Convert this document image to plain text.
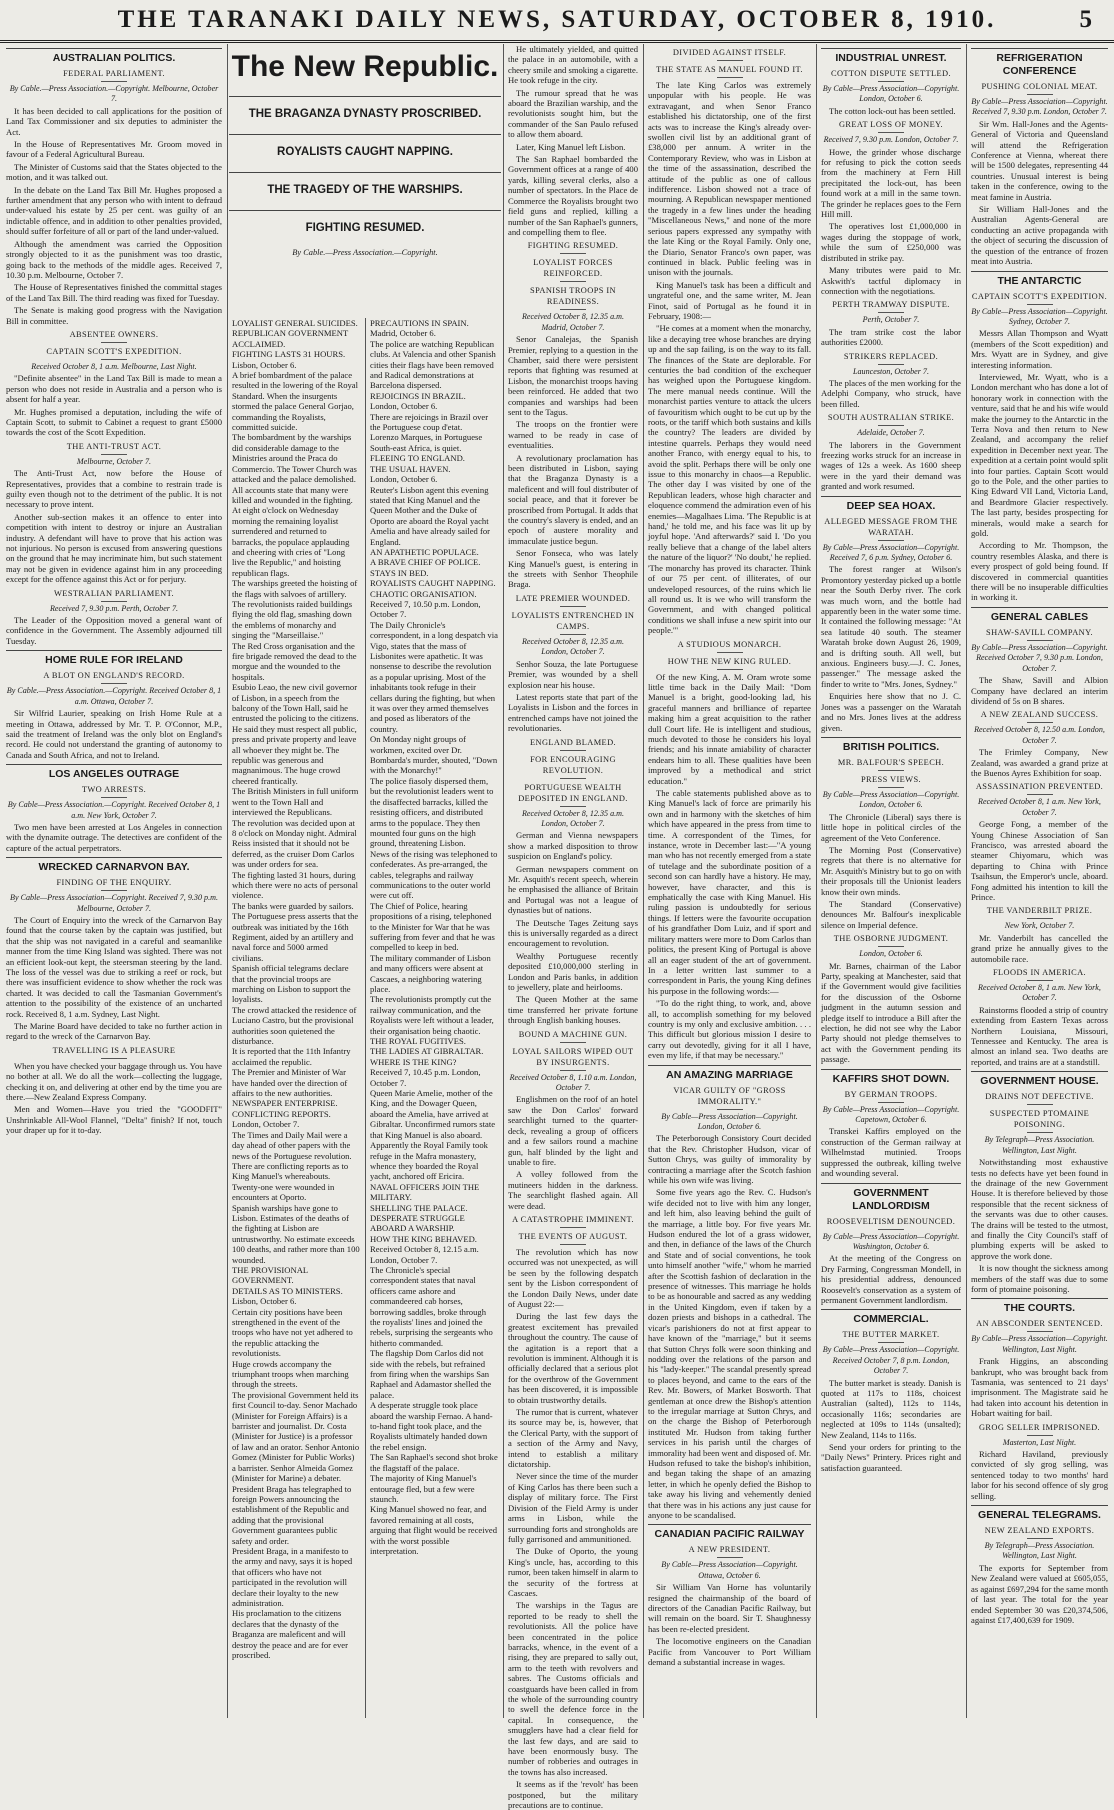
THE TARANAKI DAILY NEWS, SATURDAY, OCTOBER 8, 1910.	5
AUSTRALIAN POLITICS.
FEDERAL PARLIAMENT.
By Cable.—Press Association.—Copyright. Melbourne, October 7.
It has been decided to call applications for the position of Land Tax Commissioner and six deputies to administer the Act.
In the House of Representatives Mr. Groom moved in favour of a Federal Agricultural Bureau.
The Minister of Customs said that the States objected to the motion, and it was talked out.
In the debate on the Land Tax Bill Mr. Hughes proposed a further amendment that any person who with intent to defraud under-valued his estate by 25 per cent. was guilty of an indictable offence, and in addition to other penalties provided, should suffer forfeiture of all or part of the land under-valued.
Although the amendment was carried the Opposition strongly objected to it as the punishment was too drastic, going back to the methods of the middle ages. Received 7, 10.30 p.m. Melbourne, October 7.
The House of Representatives finished the committal stages of the Land Tax Bill. The third reading was fixed for Tuesday.
The Senate is making good progress with the Navigation Bill in committee.
ABSENTEE OWNERS.
CAPTAIN SCOTT'S EXPEDITION.
Received October 8, 1 a.m. Melbourne, Last Night.
"Definite absentee" in the Land Tax Bill is made to mean a person who does not reside in Australia and a person who is absent for half a year.
Mr. Hughes promised a deputation, including the wife of Captain Scott, to submit to Cabinet a request to grant £5000 towards the cost of the Scott Expedition.
THE ANTI-TRUST ACT.
Melbourne, October 7.
The Anti-Trust Act, now before the House of Representatives, provides that a combine to restrain trade is guilty even though not to the detriment of the public. It is not necessary to prove intent.
Another sub-section makes it an offence to enter into competition with intent to destroy or injure an Australian industry. A defendant will have to prove that his action was not injurious. No person is excused from answering questions on the ground that he may incriminate him, but such statement may not be given in evidence against him in any proceeding except for the offence against this Act or for perjury.
WESTRALIAN PARLIAMENT.
Received 7, 9.30 p.m. Perth, October 7.
The Leader of the Opposition moved a general want of confidence in the Government. The Assembly adjourned till Tuesday.
HOME RULE FOR IRELAND
A BLOT ON ENGLAND'S RECORD.
By Cable.—Press Association.—Copyright. Received October 8, 1 a.m. Ottawa, October 7.
Sir Wilfrid Laurier, speaking on Irish Home Rule at a meeting in Ottawa, addressed by Mr. T. P. O'Connor, M.P., said the treatment of Ireland was the only blot on England's record. He could not understand the granting of autonomy to Canada and South Africa, and not to Ireland.
LOS ANGELES OUTRAGE
TWO ARRESTS.
By Cable—Press Association.—Copyright. Received October 8, 1 a.m. New York, October 7.
Two men have been arrested at Los Angeles in connection with the dynamite outrage. The detectives are confident of the capture of the actual perpetrators.
WRECKED CARNARVON BAY.
FINDING OF THE ENQUIRY.
By Cable—Press Association—Copyright. Received 7, 9.30 p.m. Melbourne, October 7.
The Court of Enquiry into the wreck of the Carnarvon Bay found that the course taken by the captain was justified, but that the ship was not navigated in a careful and seamanlike manner from the time King Island was sighted. There was not an efficient look-out kept, the steersman steering by the land. The loss of the vessel was due to striking a reef or rock, but there was insufficient evidence to show whether the rock was charted. It was decided to call the Tasmanian Government's attention to the possibility of the existence of an uncharted rock. Received 8, 1 a.m. Sydney, Last Night.
The Marine Board have decided to take no further action in regard to the wreck of the Carnarvon Bay.
TRAVELLING IS A PLEASURE
When you have checked your baggage through us. You have no bother at all. We do all the work—collecting the luggage, checking it on, and delivering at other end by the time you are there.—New Zealand Express Company.
Men and Women—Have you tried the "GOODFIT" Unshrinkable All-Wool Flannel, "Delta" finish? If not, touch your draper up for it to-day.
The New Republic.
THE BRAGANZA DYNASTY PROSCRIBED.
ROYALISTS CAUGHT NAPPING.
THE TRAGEDY OF THE WARSHIPS.
FIGHTING RESUMED.
By Cable.—Press Association.—Copyright.
LOYALIST GENERAL SUICIDES.
REPUBLICAN GOVERNMENT ACCLAIMED.
FIGHTING LASTS 31 HOURS.
Lisbon, October 6.
A brief bombardment of the palace resulted in the lowering of the Royal Standard. When the insurgents stormed the palace General Gorjao, commanding the Royalists, committed suicide.
The bombardment by the warships did considerable damage to the Ministries around the Praca do Commercio. The Tower Church was attacked and the palace demolished.
All accounts state that many were killed and wounded in the fighting.
At eight o'clock on Wednesday morning the remaining loyalist surrendered and returned to barracks, the populace applauding and cheering with cries of "Long live the Republic," and hoisting republican flags.
The warships greeted the hoisting of the flags with salvoes of artillery.
The revolutionists raided buildings flying the old flag, smashing down the emblems of monarchy and singing the "Marseillaise."
The Red Cross organisation and the fire brigade removed the dead to the morgue and the wounded to the hospitals.
Esubio Leao, the new civil governor of Lisbon, in a speech from the balcony of the Town Hall, said he entrusted the policing to the citizens. He said they must respect all public, press and private property and leave all whoever they might be. The republic was generous and magnanimous. The huge crowd cheered frantically.
The British Ministers in full uniform went to the Town Hall and interviewed the Republicans.
The revolution was decided upon at 8 o'clock on Monday night. Admiral Reiss insisted that it should not be deferred, as the cruiser Dom Carlos was under orders for sea.
The fighting lasted 31 hours, during which there were no acts of personal violence.
The banks were guarded by sailors.
The Portuguese press asserts that the outbreak was initiated by the 16th Regiment, aided by an artillery and naval force and 5000 armed civilians.
Spanish official telegrams declare that the provincial troops are marching on Lisbon to support the loyalists.
The crowd attacked the residence of Luciano Castro, but the provisional authorities soon quietened the disturbance.
It is reported that the 11th Infantry acclaimed the republic.
The Premier and Minister of War have handed over the direction of affairs to the new authorities.
NEWSPAPER ENTERPRISE.
CONFLICTING REPORTS.
London, October 7.
The Times and Daily Mail were a day ahead of other papers with the news of the Portuguese revolution.
There are conflicting reports as to King Manuel's whereabouts.
Twenty-one were wounded in encounters at Oporto.
Spanish warships have gone to Lisbon. Estimates of the deaths of the fighting at Lisbon are untrustworthy. No estimate exceeds 100 deaths, and rather more than 100 wounded.
THE PROVISIONAL GOVERNMENT.
DETAILS AS TO MINISTERS.
Lisbon, October 6.
Certain city positions have been strengthened in the event of the troops who have not yet adhered to the republic attacking the revolutionists.
Huge crowds accompany the triumphant troops when marching through the streets.
The provisional Government held its first Council to-day. Senor Machado (Minister for Foreign Affairs) is a barrister and journalist. Dr. Costa (Minister for Justice) is a professor of law and an orator. Senhor Antonio Gomez (Minister for Public Works) a barrister. Senhor Almeida Gomez (Minister for Marine) a debater.
President Braga has telegraphed to foreign Powers announcing the establishment of the Republic and adding that the provisional Government guarantees public safety and order.
President Braga, in a manifesto to the army and navy, says it is hoped that officers who have not participated in the revolution will declare their loyalty to the new administration.
His proclamation to the citizens declares that the dynasty of the Braganza are maleficent and will destroy the peace and are for ever proscribed.
PRECAUTIONS IN SPAIN.
Madrid, October 6.
The police are watching Republican clubs. At Valencia and other Spanish cities their flags have been removed and Radical demonstrations at Barcelona dispersed.
REJOICINGS IN BRAZIL.
London, October 6.
There are rejoicings in Brazil over the Portuguese coup d'etat.
Lorenzo Marques, in Portuguese South-east Africa, is quiet.
FLEEING TO ENGLAND.
THE USUAL HAVEN.
London, October 6.
Reuter's Lisbon agent this evening stated that King Manuel and the Queen Mother and the Duke of Oporto are aboard the Royal yacht Amelia and have already sailed for England.
AN APATHETIC POPULACE.
A BRAVE CHIEF OF POLICE.
STAYS IN BED.
ROYALISTS CAUGHT NAPPING.
CHAOTIC ORGANISATION.
Received 7, 10.50 p.m. London, October 7.
The Daily Chronicle's correspondent, in a long despatch via Vigo, states that the mass of Lisbonites were apathetic. It was nonsense to describe the revolution as a popular uprising. Most of the inhabitants took refuge in their cellars during the fighting, but when it was over they armed themselves and posed as liberators of the country.
On Monday night groups of workmen, excited over Dr. Bombarda's murder, shouted, "Down with the Monarchy!"
The police fiasoly dispersed them, but the revolutionist leaders went to the disaffected barracks, killed the resisting officers, and distributed arms to the populace. They then mounted four guns on the high ground, threatening Lisbon.
News of the rising was telephoned to confederates. As pre-arranged, the cables, telegraphs and railway communications to the outer world were cut off.
The Chief of Police, hearing propositions of a rising, telephoned to the Minister for War that he was suffering from fever and that he was compelled to keep in bed.
The military commander of Lisbon and many officers were absent at Cascaes, a neighboring watering place.
The revolutionists promptly cut the railway communication, and the Royalists were left without a leader, their organisation being chaotic.
THE ROYAL FUGITIVES.
THE LADIES AT GIBRALTAR.
WHERE IS THE KING?
Received 7, 10.45 p.m. London, October 7.
Queen Marie Amelie, mother of the King, and the Dowager Queen, aboard the Amelia, have arrived at Gibraltar. Unconfirmed rumors state that King Manuel is also aboard.
Apparently the Royal Family took refuge in the Mafra monastery, whence they boarded the Royal yacht, anchored off Ericira.
NAVAL OFFICERS JOIN THE MILITARY.
SHELLING THE PALACE.
DESPERATE STRUGGLE ABOARD A WARSHIP.
HOW THE KING BEHAVED.
Received October 8, 12.15 a.m. London, October 7.
The Chronicle's special correspondent states that naval officers came ashore and commandeered cab horses, borrowing saddles, broke through the royalists' lines and joined the rebels, surprising the sergeants who hitherto commanded.
The flagship Dom Carlos did not side with the rebels, but refrained from firing when the warships San Raphael and Adamastor shelled the palace.
A desperate struggle took place aboard the warship Fernao. A hand-to-hand fight took place, and the Royalists ultimately handed down the rebel ensign.
The San Raphael's second shot broke the flagstaff of the palace.
The majority of King Manuel's entourage fled, but a few were staunch.
King Manuel showed no fear, and favored remaining at all costs, arguing that flight would be received with the worst possible interpretation.
He ultimately yielded, and quitted the palace in an automobile, with a cheery smile and smoking a cigarette. He took refuge in the city.
The rumour spread that he was aboard the Brazilian warship, and the revolutionists sought him, but the commander of the San Paulo refused to allow them aboard.
Later, King Manuel left Lisbon.
The San Raphael bombarded the Government offices at a range of 400 yards, killing several clerks, also a number of spectators. In the Place de Commerce the Royalists brought two field guns and replied, killing a number of the San Raphael's gunners, and compelling them to flee.
FIGHTING RESUMED.
LOYALIST FORCES REINFORCED.
SPANISH TROOPS IN READINESS.
Received October 8, 12.35 a.m. Madrid, October 7.
Senor Canalejas, the Spanish Premier, replying to a question in the Chamber, said there were persistent reports that fighting was resumed at Lisbon, the monarchist troops having been reinforced. He added that two companies and warships had been sent to the Tagus.
The troops on the frontier were warned to be ready in case of eventualities.
A revolutionary proclamation has been distributed in Lisbon, saying that the Braganza Dynasty is a maleficent and will foul distributer of social peace, and that it forever be proscribed from Portugal. It adds that the country's slavery is ended, and an epoch of austere morality and immaculate justice begun.
Senor Fonseca, who was lately King Manuel's guest, is entering in the streets with Senhor Theophile Braga.
LATE PREMIER WOUNDED.
LOYALISTS ENTRENCHED IN CAMPS.
Received October 8, 12.35 a.m. London, October 7.
Senhor Souza, the late Portuguese Premier, was wounded by a shell explosion near his house.
Latest reports state that part of the Loyalists in Lisbon and the forces in entrenched camps have not joined the revolutionaries.
ENGLAND BLAMED.
FOR ENCOURAGING REVOLUTION.
PORTUGUESE WEALTH DEPOSITED IN ENGLAND.
Received October 8, 12.35 a.m. London, October 7.
German and Vienna newspapers show a marked disposition to throw suspicion on England's policy.
German newspapers comment on Mr. Asquith's recent speech, wherein he emphasised the alliance of Britain and Portugal was not a league of dynasties but of nations.
The Deutsche Tages Zeitung says this is universally regarded as a direct encouragement to revolution.
Wealthy Portuguese recently deposited £10,000,000 sterling in London and Paris banks, in addition to jewellery, plate and heirlooms.
The Queen Mother at the same time transferred her private fortune through English banking houses.
BOUND A MACHINE GUN.
LOYAL SAILORS WIPED OUT BY INSURGENTS.
Received October 8, 1.10 a.m. London, October 7.
Englishmen on the roof of an hotel saw the Don Carlos' forward searchlight turned to the quarter-deck, revealing a group of officers and a few sailors round a machine gun, half blinded by the light and unable to fire.
A volley followed from the mutineers hidden in the darkness. The searchlight flashed again. All were dead.
A CATASTROPHE IMMINENT.
THE EVENTS OF AUGUST.
The revolution which has now occurred was not unexpected, as will be seen by the following despatch sent by the Lisbon correspondent of the London Daily News, under date of August 22:—
During the last few days the greatest excitement has prevailed throughout the country. The cause of the agitation is a report that a revolution is imminent. Although it is officially declared that a serious plot for the overthrow of the Government has been discovered, it is impossible to obtain trustworthy details.
The rumor that is current, whatever its source may be, is, however, that the Clerical Party, with the support of a section of the Army and Navy, intend to establish a military dictatorship.
Never since the time of the murder of King Carlos has there been such a display of military force. The First Division of the Field Army is under arms in Lisbon, while the surrounding forts and strongholds are fully garrisoned and ammunitioned.
The Duke of Oporto, the young King's uncle, has, according to this rumor, been taken himself in alarm to the security of the fortress at Cascaes.
The warships in the Tagus are reported to be ready to shell the revolutionists. All the police have been concentrated in the police barracks, whence, in the event of a rising, they are prepared to sally out, arm to the teeth with revolvers and sabres. The Customs officials and coastguards have been called in from the whole of the surrounding country to swell the defence force in the capital. In consequence, the smugglers have had a clear field for the last few days, and are said to have been enormously busy. The number of robberies and outrages in the towns has also increased.
It seems as if the 'revolt' has been postponed, but the military precautions are to continue.
DIVIDED AGAINST ITSELF.
THE STATE AS MANUEL FOUND IT.
The late King Carlos was extremely unpopular with his people. He was extravagant, and when Senor Franco established his dictatorship, one of the first acts was to increase the King's already over-swollen civil list by an additional grant of £38,000 per annum. A writer in the Contemporary Review, who was in Lisbon at the time of the assassination, described the attitude of the public as one of callous indifference. Lisbon showed not a trace of mourning. A Republican newspaper mentioned the tragedy in a few lines under the heading "Miscellaneous News," and none of the more serious papers expressed any sympathy with the late King or the Royal Family. Only one, the Diario, Senator Franco's own paper, was continued in black. Public feeling was in unison with the journals.
King Manuel's task has been a difficult and ungrateful one, and the same writer, M. Jean Finot, said of Portugal as he found it in February, 1908:—
"He comes at a moment when the monarchy, like a decaying tree whose branches are drying up and the sap failing, is on the way to its fall. The finances of the State are deplorable. For centuries the bad condition of the exchequer has weighed upon the Portuguese kingdom. The mere manual needs continue. Will the monarchist parties venture to attack the ulcers of favouritism which ought to be cut up by the roots, or the tariff which both sustains and kills the country? The leaders are divided by intestine quarrels. Perhaps they would need another Franco, with energy equal to his, to avoid the split. Perhaps there will be only one issue to this monarchy in chaos—a Republic. The other day I was visited by one of the Republican leaders, whose high character and eloquence commend the admiration even of his enemies—Magalhaes Lima. 'The Republic is at hand,' he told me, and his face was lit up by joyful hope. 'And afterwards?' said I. 'Do you really believe that a change of the label alters the nature of the liquor?' 'No doubt,' he replied. 'The monarchy has proved its character. Think of our 75 per cent. of illiterates, of our undeveloped resources, of the ruins which lie all round us. It is we who will transform the Government, and with changed political conditions we shall infuse a new spirit into our people.'"
A STUDIOUS MONARCH.
HOW THE NEW KING RULED.
Of the new King, A. M. Oram wrote some little time back in the Daily Mail: "Dom Manuel is a bright, good-looking lad, his graceful manners and brilliance of repartee making him a great acquisition to the rather dull Court life. He is intelligent and studious, much devoted to those he considers his loyal friends; and his innate amiability of character endears him to all. These qualities have been improved by a methodical and strict education."
The cable statements published above as to King Manuel's lack of force are primarily his own and in harmony with the sketches of him which have appeared in the press from time to time. A correspondent of the Times, for instance, wrote in December last:—"A young man who has not recently emerged from a state of tutelage and the subordinate position of a second son can hardly have a history. He may, however, have character, and this is emphatically the case with King Manuel. His ruling passion is undoubtedly for serious things. If letters were the favourite occupation of his grandfather Dom Luiz, and if sport and military matters were more to Dom Carlos than politics, the present King of Portugal is above all an eager student of the art of government. In a letter written last summer to a correspondent in Paris, the young King defines his purpose in the following words:—
"To do the right thing, to work, and, above all, to accomplish something for my beloved country is my only and exclusive ambition. . . . This difficult but glorious mission I desire to carry out devotedly, giving for it all I have, even my life, if that may be necessary."
AN AMAZING MARRIAGE
VICAR GUILTY OF "GROSS IMMORALITY."
By Cable—Press Association—Copyright. London, October 6.
The Peterborough Consistory Court decided that the Rev. Christopher Hudson, vicar of Sutton Chrys, was guilty of immorality by contracting a marriage after the Scotch fashion while his own wife was living.
Some five years ago the Rev. C. Hudson's wife decided not to live with him any longer, and left him, also leaving behind the guilt of the marriage, a little boy. For five years Mr. Hudson endured the lot of a grass widower, and then, in defiance of the laws of the Church and State and of social conventions, he took unto himself another "wife," whom he married after the Scottish fashion of declaration in the presence of witnesses. This marriage he holds to be as honourable and sacred as any wedding in the United Kingdom, even if taken by a dozen priests and bishops in a cathedral. The vicar's parishioners do not at first appear to have known of the "marriage," but it seems that Sutton Chrys folk were soon thinking and nodding over the relations of the parson and his "lady-keeper." The scandal presently spread to places beyond, and came to the ears of the Rev. Mr. Bowers, of Market Bosworth. That gentleman at once drew the Bishop's attention to the irregular marriage at Sutton Chrys, and on the charge the Bishop of Peterborough instituted Mr. Hudson from taking further services in his parish until the charges of immorality had been went and disposed of. Mr. Hudson refused to take the bishop's inhibition, and began taking the shape of an amazing letter, in which he openly defied the Bishop to take away his living and vehemently denied that there was in his actions any just cause for anyone to be scandalised.
CANADIAN PACIFIC RAILWAY
A NEW PRESIDENT.
By Cable—Press Association—Copyright. Ottawa, October 6.
Sir William Van Horne has voluntarily resigned the chairmanship of the board of directors of the Canadian Pacific Railway, but will remain on the board. Sir T. Shaughnessy has been re-elected president.
The locomotive engineers on the Canadian Pacific from Vancouver to Port William demand a substantial increase in wages.
INDUSTRIAL UNREST.
COTTON DISPUTE SETTLED.
By Cable—Press Association—Copyright. London, October 6.
The cotton lock-out has been settled.
GREAT LOSS OF MONEY.
Received 7, 9.30 p.m. London, October 7.
Howe, the grinder whose discharge for refusing to pick the cotton seeds from the machinery at Fern Hill precipitated the lock-out, has been found work at a mill in the same town. The grinder he replaces goes to the Fern Hill mill.
The operatives lost £1,000,000 in wages during the stoppage of work, while the sum of £250,000 was distributed in strike pay.
Many tributes were paid to Mr. Askwith's tactful diplomacy in connection with the negotiations.
PERTH TRAMWAY DISPUTE.
Perth, October 7.
The tram strike cost the labor authorities £2000.
STRIKERS REPLACED.
Launceston, October 7.
The places of the men working for the Adelphi Company, who struck, have been filled.
SOUTH AUSTRALIAN STRIKE.
Adelaide, October 7.
The laborers in the Government freezing works struck for an increase in wages of 12s a week. As 1600 sheep were in the yard their demand was granted and work resumed.
DEEP SEA HOAX.
ALLEGED MESSAGE FROM THE WARATAH.
By Cable—Press Association—Copyright. Received 7, 6 p.m. Sydney, October 6.
The forest ranger at Wilson's Promontory yesterday picked up a bottle near the South Derby river. The cork was much worn, and the bottle had apparently been in the water some time. It contained the following message: "At sea latitude 40 south. The steamer Waratah broke down August 26, 1909, and is drifting south. All well, but anxious. Engineers busy.—J. C. Jones, passenger." The message asked the finder to write to "Mrs. Jones, Sydney."
Enquiries here show that no J. C. Jones was a passenger on the Waratah and no Mrs. Jones lives at the address given.
BRITISH POLITICS.
MR. BALFOUR'S SPEECH.
PRESS VIEWS.
By Cable—Press Association—Copyright. London, October 6.
The Chronicle (Liberal) says there is little hope in political circles of the agreement of the Veto Conference.
The Morning Post (Conservative) regrets that there is no alternative for Mr. Asquith's Ministry but to go on with their proposals till the Unionist leaders know their own minds.
The Standard (Conservative) denounces Mr. Balfour's inexplicable silence on Imperial defence.
THE OSBORNE JUDGMENT.
London, October 6.
Mr. Barnes, chairman of the Labor Party, speaking at Manchester, said that if the Government would give facilities for the discussion of the Osborne judgment in the autumn session and pledge itself to introduce a Bill after the election, he did not see why the Labor Party should not pledge themselves to act with the Government pending its passage.
KAFFIRS SHOT DOWN.
BY GERMAN TROOPS.
By Cable—Press Association—Copyright. Capetown, October 6.
Transkei Kaffirs employed on the construction of the German railway at Wilhelmstad mutinied. Troops suppressed the outbreak, killing twelve and wounding several.
GOVERNMENT LANDLORDISM
ROOSEVELTISM DENOUNCED.
By Cable—Press Association—Copyright. Washington, October 6.
At the meeting of the Congress on Dry Farming, Congressman Mondell, in his presidential address, denounced Roosevelt's conservation as a system of permanent Government landlordism.
COMMERCIAL.
THE BUTTER MARKET.
By Cable—Press Association—Copyright. Received October 7, 8 p.m. London, October 7.
The butter market is steady. Danish is quoted at 117s to 118s, choicest Australian (salted), 112s to 114s, occasionally 116s; secondaries are neglected at 109s to 114s (unsalted); New Zealand, 114s to 116s.
Send your orders for printing to the "Daily News" Printery. Prices right and satisfaction guaranteed.
REFRIGERATION CONFERENCE
PUSHING COLONIAL MEAT.
By Cable—Press Association—Copyright. Received 7, 9.30 p.m. London, October 7.
Sir Wm. Hall-Jones and the Agents-General of Victoria and Queensland will attend the Refrigeration Conference at Vienna, whereat there will be 1500 delegates, representing 44 countries. Unusual interest is being taken in the conference, owing to the meat famine in Austria.
Sir William Hall-Jones and the Australian Agents-General are conducting an active propaganda with the object of securing the discussion of the question of the entrance of frozen meat into Austria.
THE ANTARCTIC
CAPTAIN SCOTT'S EXPEDITION.
By Cable—Press Association—Copyright. Sydney, October 7.
Messrs Allan Thompson and Wyatt (members of the Scott expedition) and Mrs. Wyatt are in Sydney, and give interesting information.
Interviewed, Mr. Wyatt, who is a London merchant who has done a lot of honorary work in connection with the venture, said that he and his wife would make the journey to the Antarctic in the Terra Nova and then return to New Zealand, and accompany the relief expedition in December next year. The expedition at a certain point would split into four parties. Captain Scott would go to the Pole, and the other parties to King Edward VII Land, Victoria Land, and Beardmore Glacier respectively. The last party, besides prospecting for minerals, would make a search for gold.
According to Mr. Thompson, the country resembles Alaska, and there is every prospect of gold being found. If discovered in commercial quantities there will be no insuperable difficulties in working it.
GENERAL CABLES
SHAW-SAVILL COMPANY.
By Cable—Press Association—Copyright. Received October 7, 9.30 p.m. London, October 7.
The Shaw, Savill and Albion Company have declared an interim dividend of 5s on B shares.
A NEW ZEALAND SUCCESS.
Received October 8, 12.50 a.m. London, October 7.
The Frimley Company, New Zealand, was awarded a grand prize at the Buenos Ayres Exhibition for soap.
ASSASSINATION PREVENTED.
Received October 8, 1 a.m. New York, October 7.
George Fong, a member of the Young Chinese Association of San Francisco, was arrested aboard the steamer Chiyomaru, which was departing to China with Prince Tsaihsun, the Emperor's uncle, aboard. Fong admitted his intention to kill the Prince.
THE VANDERBILT PRIZE.
New York, October 7.
Mr. Vanderbilt has cancelled the grand prize he annually gives to the automobile race.
FLOODS IN AMERICA.
Received October 8, 1 a.m. New York, October 7.
Rainstorms flooded a strip of country extending from Eastern Texas across Northern Louisiana, Missouri, Tennessee and Kentucky. The area is almost an inland sea. Two deaths are reported, and trains are at a standstill.
GOVERNMENT HOUSE.
DRAINS NOT DEFECTIVE.
SUSPECTED PTOMAINE POISONING.
By Telegraph—Press Association. Wellington, Last Night.
Notwithstanding most exhaustive tests no defects have yet been found in the drainage of the new Government House. It is therefore believed by those responsible that the recent sickness of the servants was due to other causes. The drains will be tested to the utmost, and finally the City Council's staff of plumbing experts will be asked to approve the work done.
It is now thought the sickness among members of the staff was due to some form of ptomaine poisoning.
THE COURTS.
AN ABSCONDER SENTENCED.
By Cable—Press Association—Copyright. Wellington, Last Night.
Frank Higgins, an absconding bankrupt, who was brought back from Tasmania, was sentenced to 21 days' imprisonment. The Magistrate said he had taken into account his detention in Hobart waiting for bail.
GROG SELLER IMPRISONED.
Masterton, Last Night.
Richard Haviland, previously convicted of sly grog selling, was sentenced today to two months' hard labor for his second offence of sly grog selling.
GENERAL TELEGRAMS.
NEW ZEALAND EXPORTS.
By Telegraph—Press Association. Wellington, Last Night.
The exports for September from New Zealand were valued at £605,055, as against £697,294 for the same month of last year. The total for the year ended September 30 was £20,374,506, against £17,400,639 for 1909.
